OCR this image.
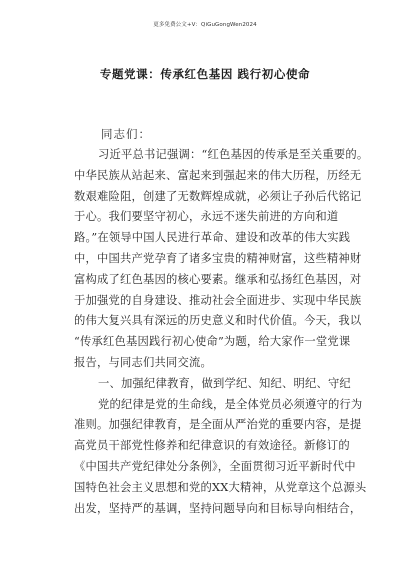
更多免费公文+V：QiGuGongWen2024
专题党课：传承红色基因 践行初心使命
同志们：
习近平总书记强调：“红色基因的传承是至关重要的。
中华民族从站起来、富起来到强起来的伟大历程，历经无
数艰难险阻，创建了无数辉煌成就，必须让子孙后代铭记
于心。我们要坚守初心，永远不迷失前进的方向和道
路。”在领导中国人民进行革命、建设和改革的伟大实践
中，中国共产党孕育了诸多宝贵的精神财富，这些精神财
富构成了红色基因的核心要素。继承和弘扬红色基因，对
于加强党的自身建设、推动社会全面进步、实现中华民族
的伟大复兴具有深远的历史意义和时代价值。今天，我以
“传承红色基因践行初心使命”为题，给大家作一堂党课
报告，与同志们共同交流。
一、加强纪律教育，做到学纪、知纪、明纪、守纪
党的纪律是党的生命线，是全体党员必须遵守的行为
准则。加强纪律教育，是全面从严治党的重要内容，是提
高党员干部党性修养和纪律意识的有效途径。新修订的
《中国共产党纪律处分条例》，全面贯彻习近平新时代中
国特色社会主义思想和党的XX大精神，从党章这个总源头
出发，坚持严的基调，坚持问题导向和目标导向相结合，
